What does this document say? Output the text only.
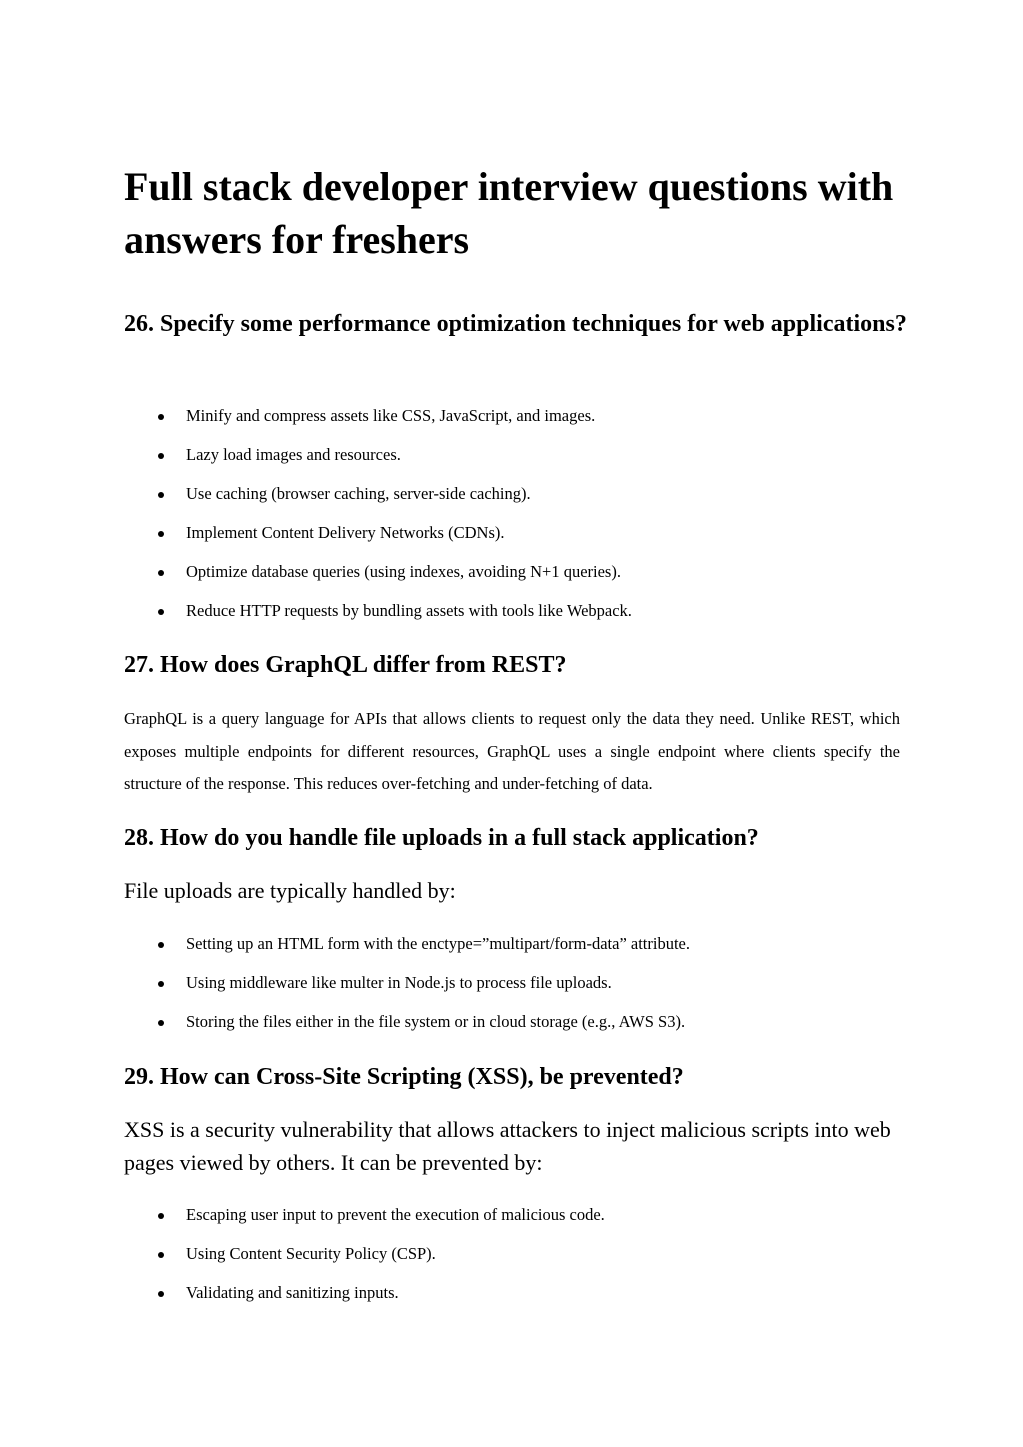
Full stack developer interview questions with answers for freshers
26. Specify some performance optimization techniques for web applications?
Minify and compress assets like CSS, JavaScript, and images.
Lazy load images and resources.
Use caching (browser caching, server-side caching).
Implement Content Delivery Networks (CDNs).
Optimize database queries (using indexes, avoiding N+1 queries).
Reduce HTTP requests by bundling assets with tools like Webpack.
27. How does GraphQL differ from REST?

GraphQL is a query language for APIs that allows clients to request only the data they need. Unlike REST, which exposes multiple endpoints for different resources, GraphQL uses a single endpoint where clients specify the structure of the response. This reduces over-fetching and under-fetching of data.

28. How do you handle file uploads in a full stack application?

File uploads are typically handled by:

Setting up an HTML form with the enctype=”multipart/form-data” attribute.
Using middleware like multer in Node.js to process file uploads.
Storing the files either in the file system or in cloud storage (e.g., AWS S3).
29. How can Cross-Site Scripting (XSS), be prevented?

XSS is a security vulnerability that allows attackers to inject malicious scripts into web pages viewed by others. It can be prevented by:

Escaping user input to prevent the execution of malicious code.
Using Content Security Policy (CSP).
Validating and sanitizing inputs.
